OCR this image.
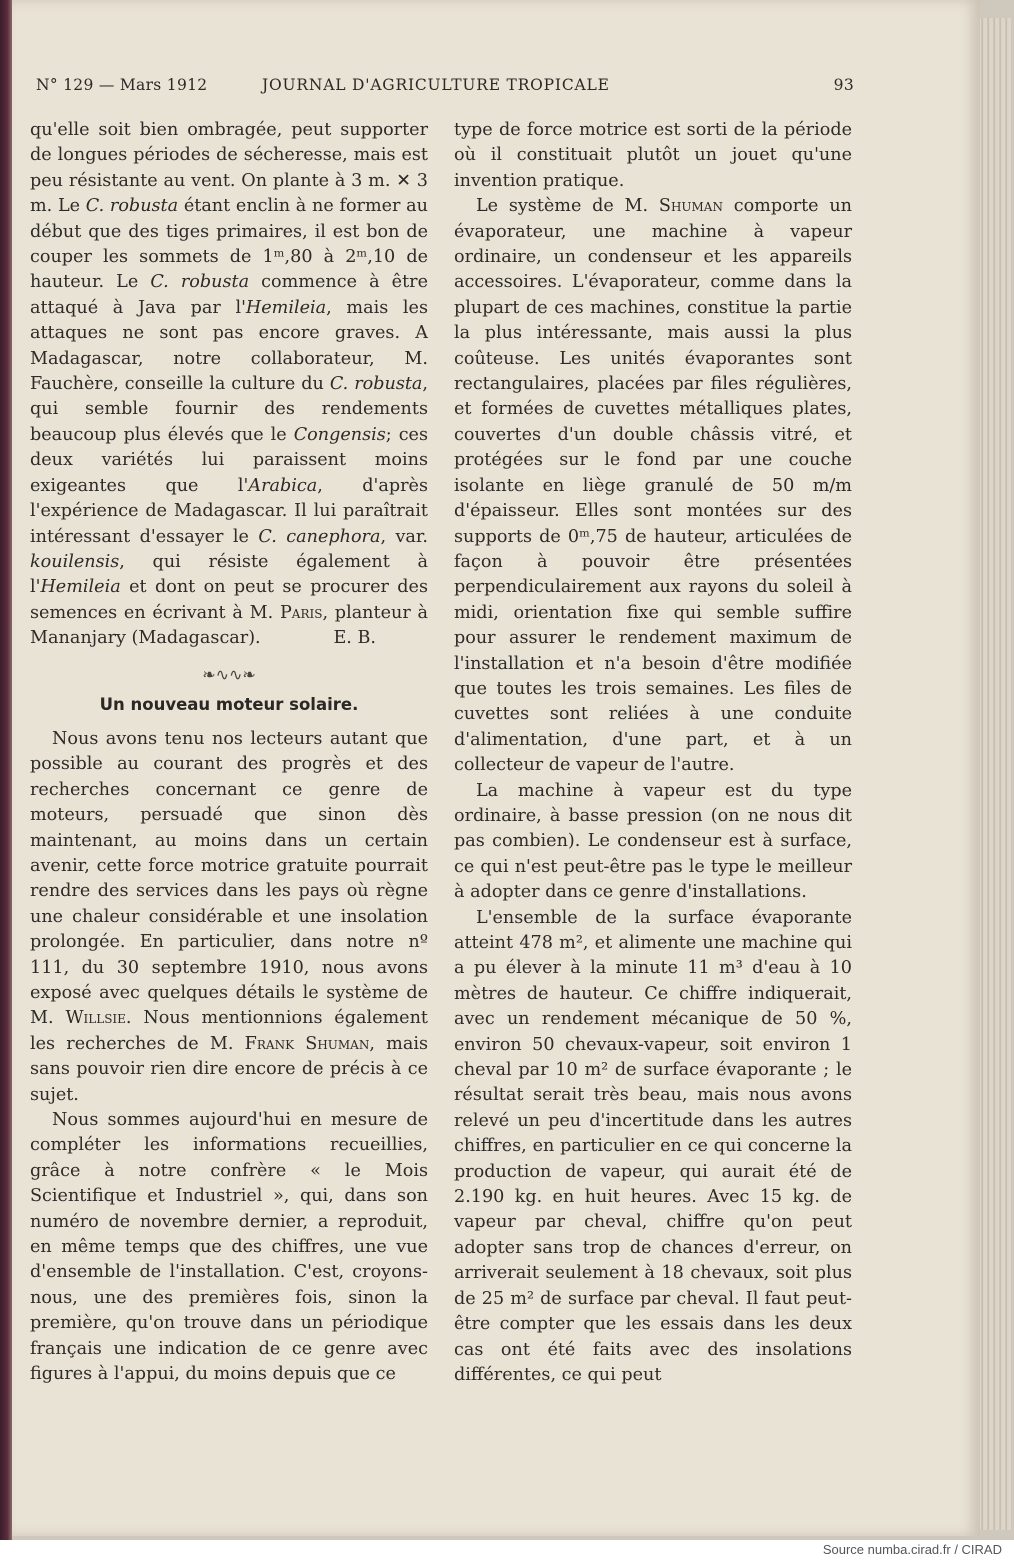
N° 129 — Mars 1912	JOURNAL D'AGRICULTURE TROPICALE	93

qu'elle soit bien ombragée, peut supporter de longues périodes de sécheresse, mais est peu résistante au vent. On plante à 3 m. ✕ 3 m. Le C. robusta étant enclin à ne former au début que des tiges primaires, il est bon de couper les sommets de 1ᵐ,80 à 2ᵐ,10 de hauteur. Le C. robusta commence à être attaqué à Java par l'Hemileia, mais les attaques ne sont pas encore graves. A Madagascar, notre collaborateur, M. Fauchère, conseille la culture du C. robusta, qui semble fournir des rendements beaucoup plus élevés que le Congensis; ces deux variétés lui paraissent moins exigeantes que l'Arabica, d'après l'expérience de Madagascar. Il lui paraîtrait intéressant d'essayer le C. canephora, var. kouilensis, qui résiste également à l'Hemileia et dont on peut se procurer des semences en écrivant à M. Paris, planteur à Mananjary (Madagascar).	E. B.

❧∿∿❧
Un nouveau moteur solaire.

Nous avons tenu nos lecteurs autant que possible au courant des progrès et des recherches concernant ce genre de moteurs, persuadé que sinon dès maintenant, au moins dans un certain avenir, cette force motrice gratuite pourrait rendre des services dans les pays où règne une chaleur considérable et une insolation prolongée. En particulier, dans notre nº 111, du 30 septembre 1910, nous avons exposé avec quelques détails le système de M. Willsie. Nous mentionnions également les recherches de M. Frank Shuman, mais sans pouvoir rien dire encore de précis à ce sujet.

Nous sommes aujourd'hui en mesure de compléter les informations recueillies, grâce à notre confrère « le Mois Scientifique et Industriel », qui, dans son numéro de novembre dernier, a reproduit, en même temps que des chiffres, une vue d'ensemble de l'installation. C'est, croyons-nous, une des premières fois, sinon la première, qu'on trouve dans un périodique français une indication de ce genre avec figures à l'appui, du moins depuis que ce

type de force motrice est sorti de la période où il constituait plutôt un jouet qu'une invention pratique.

Le système de M. Shuman comporte un évaporateur, une machine à vapeur ordinaire, un condenseur et les appareils accessoires. L'évaporateur, comme dans la plupart de ces machines, constitue la partie la plus intéressante, mais aussi la plus coûteuse. Les unités évaporantes sont rectangulaires, placées par files régulières, et formées de cuvettes métalliques plates, couvertes d'un double châssis vitré, et protégées sur le fond par une couche isolante en liège granulé de 50 m/m d'épaisseur. Elles sont montées sur des supports de 0ᵐ,75 de hauteur, articulées de façon à pouvoir être présentées perpendiculairement aux rayons du soleil à midi, orientation fixe qui semble suffire pour assurer le rendement maximum de l'installation et n'a besoin d'être modifiée que toutes les trois semaines. Les files de cuvettes sont reliées à une conduite d'alimentation, d'une part, et à un collecteur de vapeur de l'autre.

La machine à vapeur est du type ordinaire, à basse pression (on ne nous dit pas combien). Le condenseur est à surface, ce qui n'est peut-être pas le type le meilleur à adopter dans ce genre d'installations.

L'ensemble de la surface évaporante atteint 478 m², et alimente une machine qui a pu élever à la minute 11 m³ d'eau à 10 mètres de hauteur. Ce chiffre indiquerait, avec un rendement mécanique de 50 %, environ 50 chevaux-vapeur, soit environ 1 cheval par 10 m² de surface évaporante ; le résultat serait très beau, mais nous avons relevé un peu d'incertitude dans les autres chiffres, en particulier en ce qui concerne la production de vapeur, qui aurait été de 2.190 kg. en huit heures. Avec 15 kg. de vapeur par cheval, chiffre qu'on peut adopter sans trop de chances d'erreur, on arriverait seulement à 18 chevaux, soit plus de 25 m² de surface par cheval. Il faut peut-être compter que les essais dans les deux cas ont été faits avec des insolations différentes, ce qui peut

Source numba.cirad.fr / CIRAD
